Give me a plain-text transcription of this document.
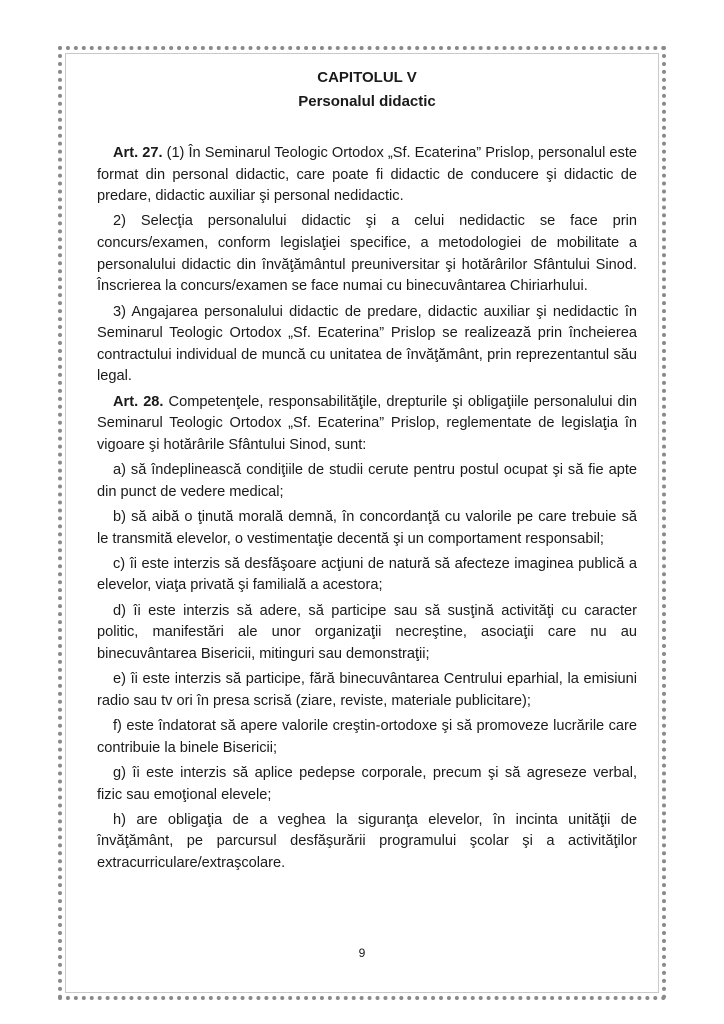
CAPITOLUL V

Personalul didactic

Art. 27. (1) În Seminarul Teologic Ortodox „Sf. Ecaterina” Prislop, personalul este format din personal didactic, care poate fi didactic de conducere şi didactic de predare, didactic auxiliar şi personal nedidactic.

2) Selecţia personalului didactic şi a celui nedidactic se face prin concurs/examen, conform legislaţiei specifice, a metodologiei de mobilitate a personalului didactic din învăţământul preuniversitar şi hotărârilor Sfântului Sinod. Înscrierea la concurs/examen se face numai cu binecuvântarea Chiriarhului.

3) Angajarea personalului didactic de predare, didactic auxiliar şi nedidactic în Seminarul Teologic Ortodox „Sf. Ecaterina” Prislop se realizează prin încheierea contractului individual de muncă cu unitatea de învăţământ, prin reprezentantul său legal.

Art. 28. Competenţele, responsabilităţile, drepturile şi obligaţiile personalului din Seminarul Teologic Ortodox „Sf. Ecaterina” Prislop, reglementate de legislaţia în vigoare şi hotărârile Sfântului Sinod, sunt:

a) să îndeplinească condiţiile de studii cerute pentru postul ocupat şi să fie apte din punct de vedere medical;

b) să aibă o ţinută morală demnă, în concordanţă cu valorile pe care trebuie să le transmită elevelor, o vestimentaţie decentă şi un comportament responsabil;

c) îi este interzis să desfăşoare acţiuni de natură să afecteze imaginea publică a elevelor, viaţa privată şi familială a acestora;

d) îi este interzis să adere, să participe sau să susţină activităţi cu caracter politic, manifestări ale unor organizaţii necreştine, asociaţii care nu au binecuvântarea Bisericii, mitinguri sau demonstraţii;

e) îi este interzis să participe, fără binecuvântarea Centrului eparhial, la emisiuni radio sau tv ori în presa scrisă (ziare, reviste, materiale publicitare);

f) este îndatorat să apere valorile creştin-ortodoxe şi să promoveze lucrările care contribuie la binele Bisericii;

g) îi este interzis să aplice pedepse corporale, precum şi să agreseze verbal, fizic sau emoţional elevele;

h) are obligaţia de a veghea la siguranţa elevelor, în incinta unităţii de învăţământ, pe parcursul desfăşurării programului şcolar şi a activităţilor extracurriculare/extraşcolare.

9
